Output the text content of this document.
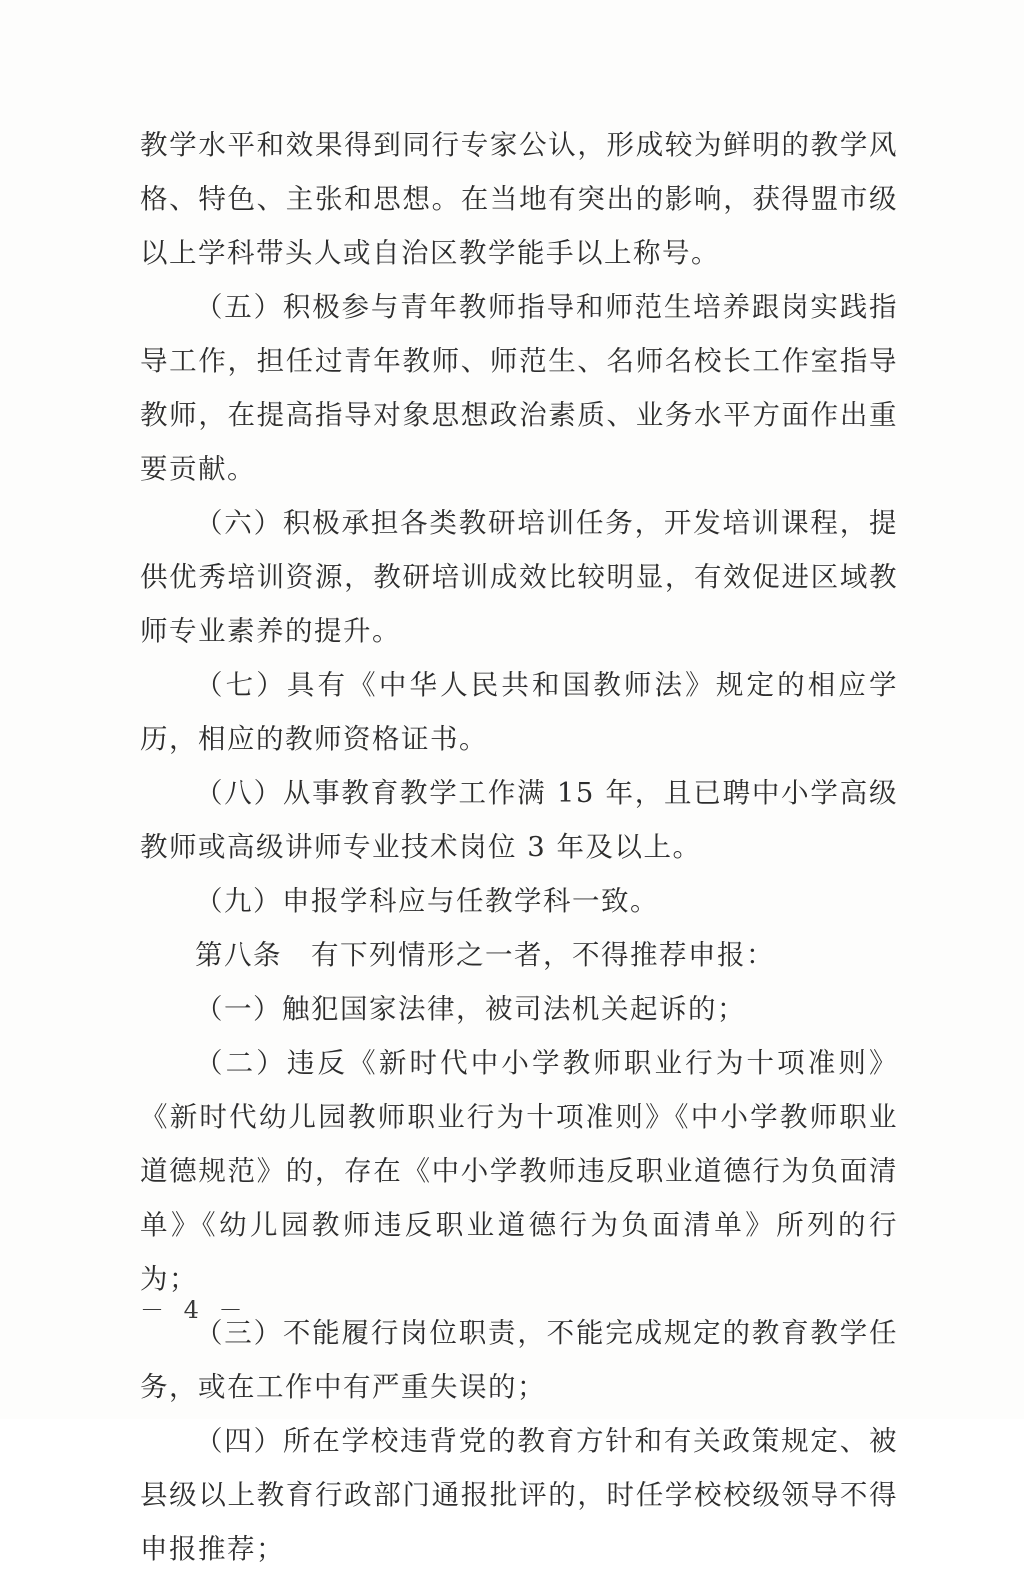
教学水平和效果得到同行专家公认，形成较为鲜明的教学风格、特色、主张和思想。在当地有突出的影响，获得盟市级以上学科带头人或自治区教学能手以上称号。

（五）积极参与青年教师指导和师范生培养跟岗实践指导工作，担任过青年教师、师范生、名师名校长工作室指导教师，在提高指导对象思想政治素质、业务水平方面作出重要贡献。

（六）积极承担各类教研培训任务，开发培训课程，提供优秀培训资源，教研培训成效比较明显，有效促进区域教师专业素养的提升。

（七）具有《中华人民共和国教师法》规定的相应学历，相应的教师资格证书。

（八）从事教育教学工作满 15 年，且已聘中小学高级教师或高级讲师专业技术岗位 3 年及以上。

（九）申报学科应与任教学科一致。

第八条　有下列情形之一者，不得推荐申报：

（一）触犯国家法律，被司法机关起诉的；

（二）违反《新时代中小学教师职业行为十项准则》《新时代幼儿园教师职业行为十项准则》《中小学教师职业道德规范》的，存在《中小学教师违反职业道德行为负面清单》《幼儿园教师违反职业道德行为负面清单》所列的行为；

（三）不能履行岗位职责，不能完成规定的教育教学任务，或在工作中有严重失误的；

（四）所在学校违背党的教育方针和有关政策规定、被县级以上教育行政部门通报批评的，时任学校校级领导不得申报推荐；

－ 4 －
